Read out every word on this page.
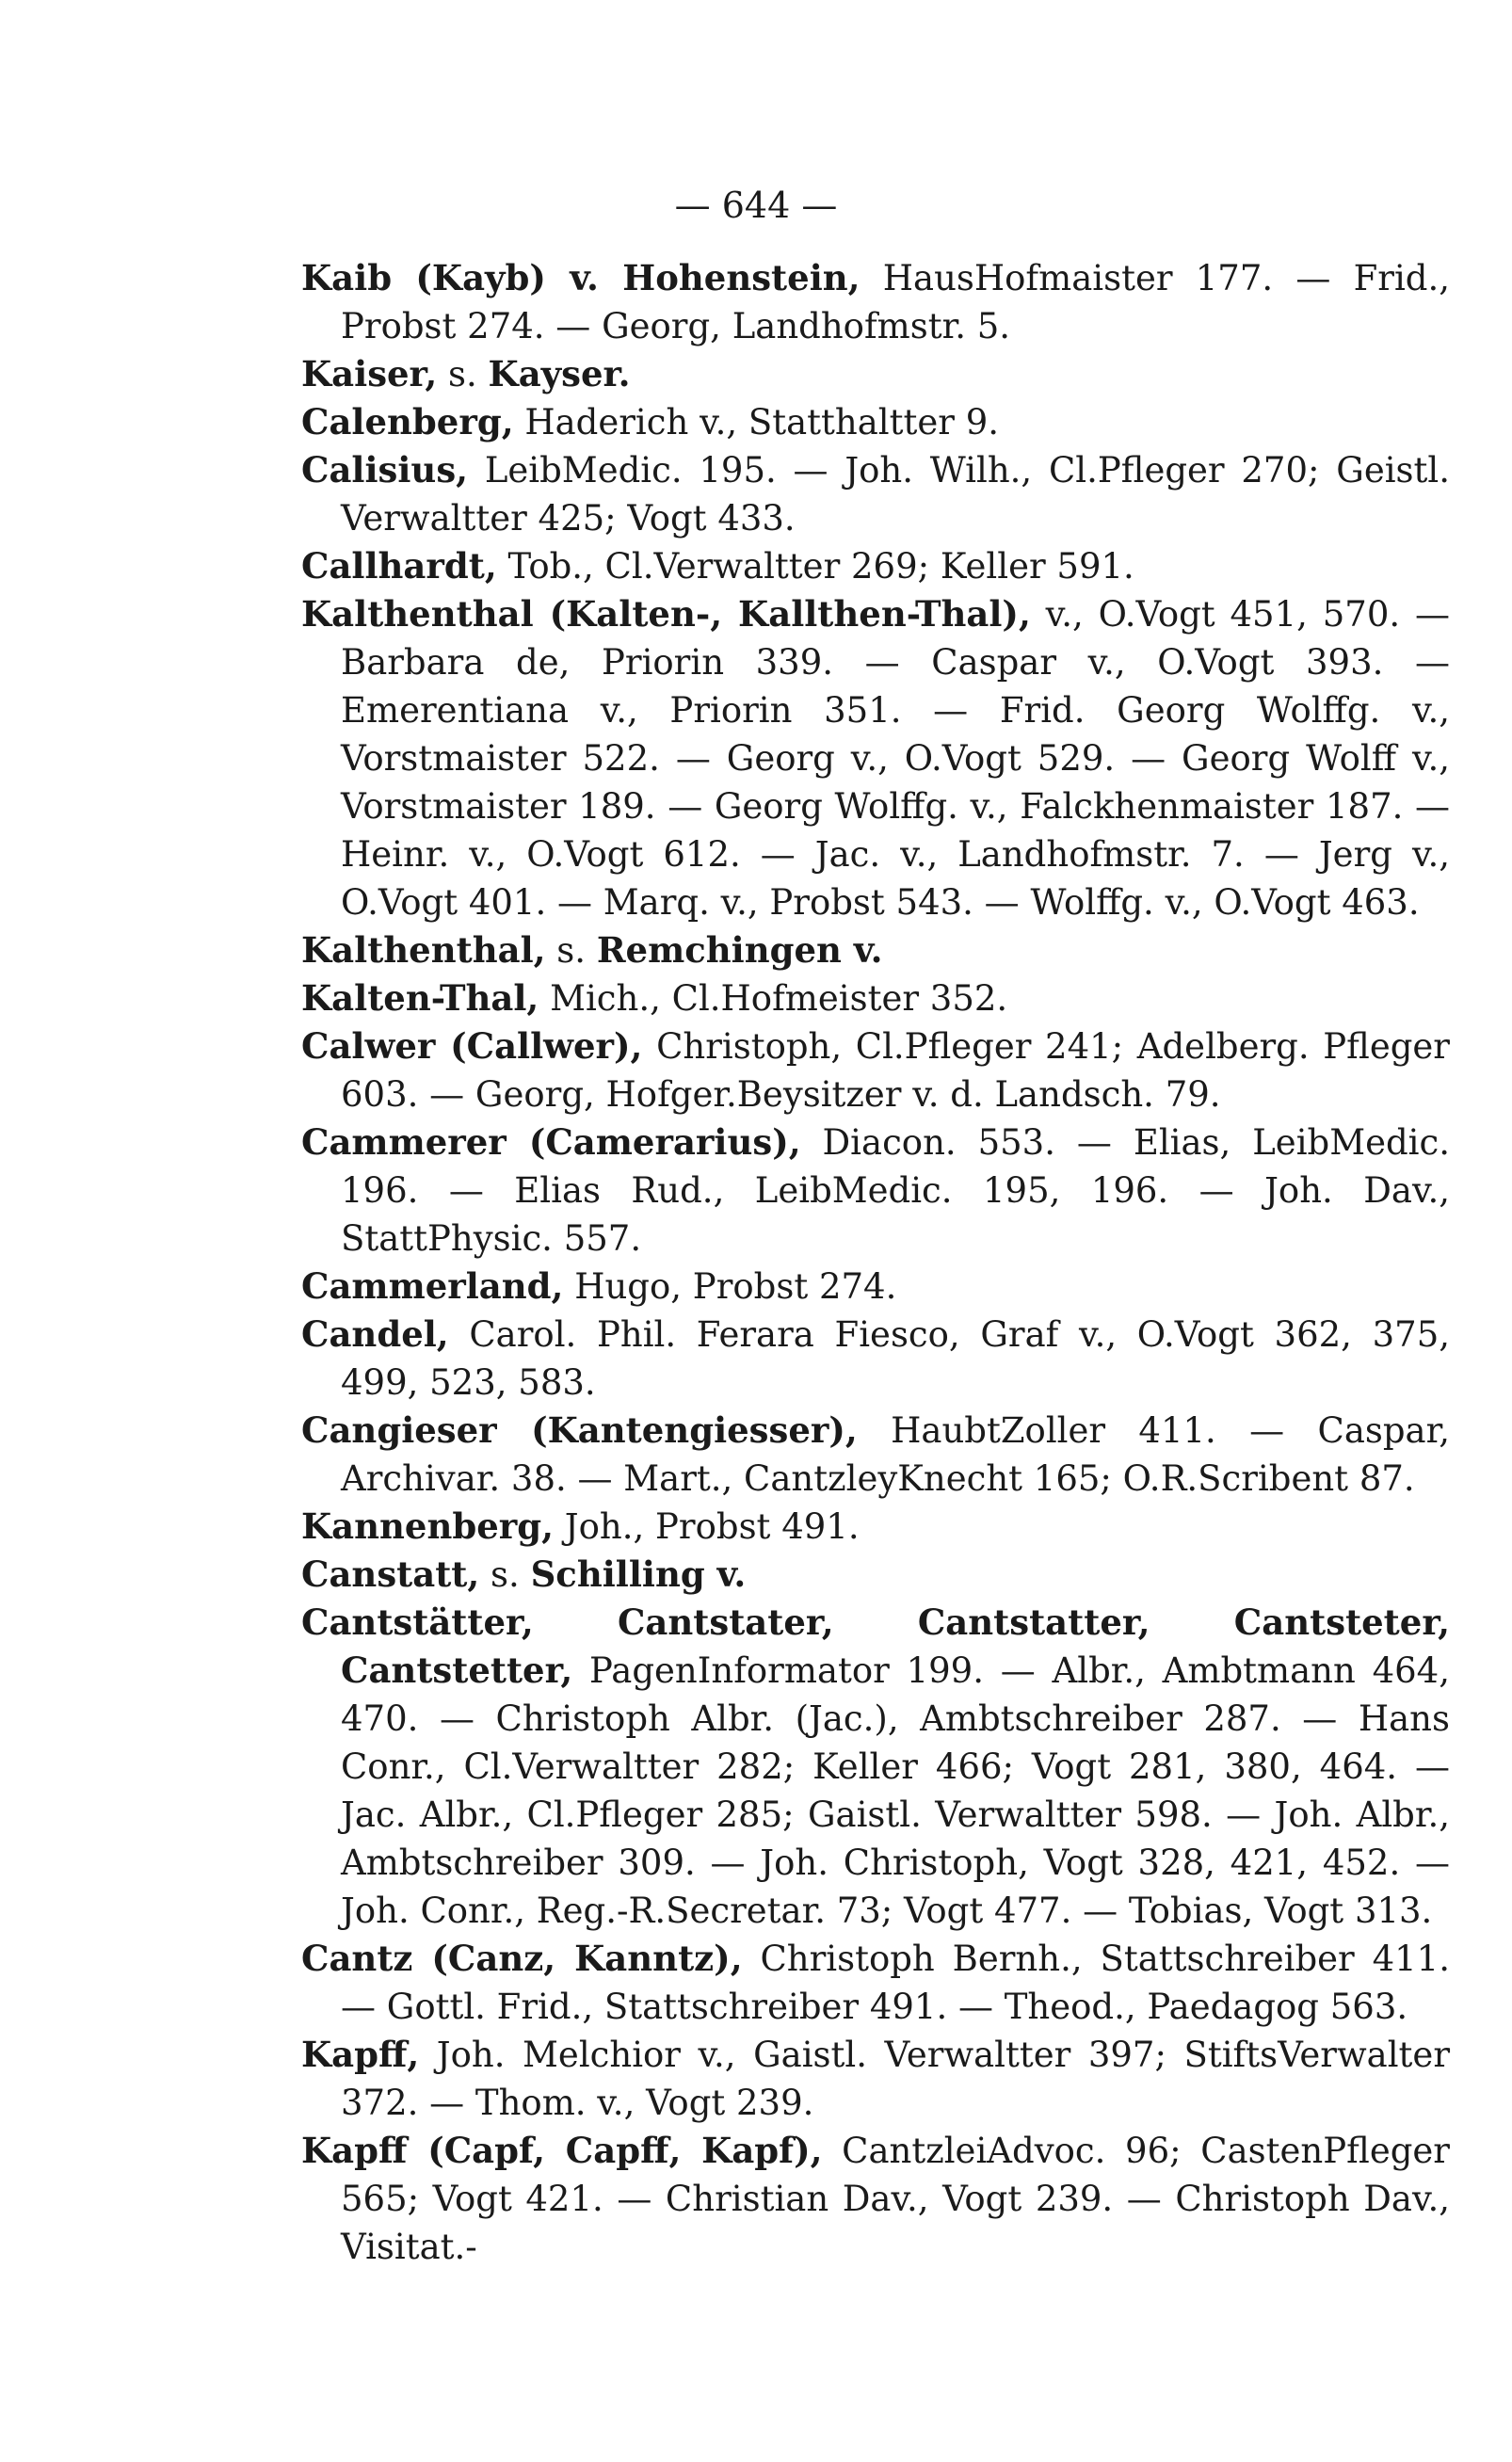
— 644 —

Kaib (Kayb) v. Hohenstein, HausHofmaister 177. — Frid., Probst 274. — Georg, Landhofmstr. 5.

Kaiser, s. Kayser.

Calenberg, Haderich v., Statthaltter 9.

Calisius, LeibMedic. 195. — Joh. Wilh., Cl.Pfleger 270; Geistl. Verwaltter 425; Vogt 433.

Callhardt, Tob., Cl.Verwaltter 269; Keller 591.

Kalthenthal (Kalten-, Kallthen-Thal), v., O.Vogt 451, 570. — Barbara de, Priorin 339. — Caspar v., O.Vogt 393. — Emerentiana v., Priorin 351. — Frid. Georg Wolffg. v., Vorstmaister 522. — Georg v., O.Vogt 529. — Georg Wolff v., Vorstmaister 189. — Georg Wolffg. v., Falckhenmaister 187. — Heinr. v., O.Vogt 612. — Jac. v., Landhofmstr. 7. — Jerg v., O.Vogt 401. — Marq. v., Probst 543. — Wolffg. v., O.Vogt 463.

Kalthenthal, s. Remchingen v.

Kalten-Thal, Mich., Cl.Hofmeister 352.

Calwer (Callwer), Christoph, Cl.Pfleger 241; Adelberg. Pfleger 603. — Georg, Hofger.Beysitzer v. d. Landsch. 79.

Cammerer (Camerarius), Diacon. 553. — Elias, LeibMedic. 196. — Elias Rud., LeibMedic. 195, 196. — Joh. Dav., StattPhysic. 557.

Cammerland, Hugo, Probst 274.

Candel, Carol. Phil. Ferara Fiesco, Graf v., O.Vogt 362, 375, 499, 523, 583.

Cangieser (Kantengiesser), HaubtZoller 411. — Caspar, Archivar. 38. — Mart., CantzleyKnecht 165; O.R.Scribent 87.

Kannenberg, Joh., Probst 491.

Canstatt, s. Schilling v.

Cantstätter, Cantstater, Cantstatter, Cantsteter, Cantstetter, PagenInformator 199. — Albr., Ambtmann 464, 470. — Christoph Albr. (Jac.), Ambtschreiber 287. — Hans Conr., Cl.Verwaltter 282; Keller 466; Vogt 281, 380, 464. — Jac. Albr., Cl.Pfleger 285; Gaistl. Verwaltter 598. — Joh. Albr., Ambtschreiber 309. — Joh. Christoph, Vogt 328, 421, 452. — Joh. Conr., Reg.-R.Secretar. 73; Vogt 477. — Tobias, Vogt 313.

Cantz (Canz, Kanntz), Christoph Bernh., Stattschreiber 411. — Gottl. Frid., Stattschreiber 491. — Theod., Paedagog 563.

Kapff, Joh. Melchior v., Gaistl. Verwaltter 397; StiftsVerwalter 372. — Thom. v., Vogt 239.

Kapff (Capf, Capff, Kapf), CantzleiAdvoc. 96; CastenPfleger 565; Vogt 421. — Christian Dav., Vogt 239. — Christoph Dav., Visitat.-
